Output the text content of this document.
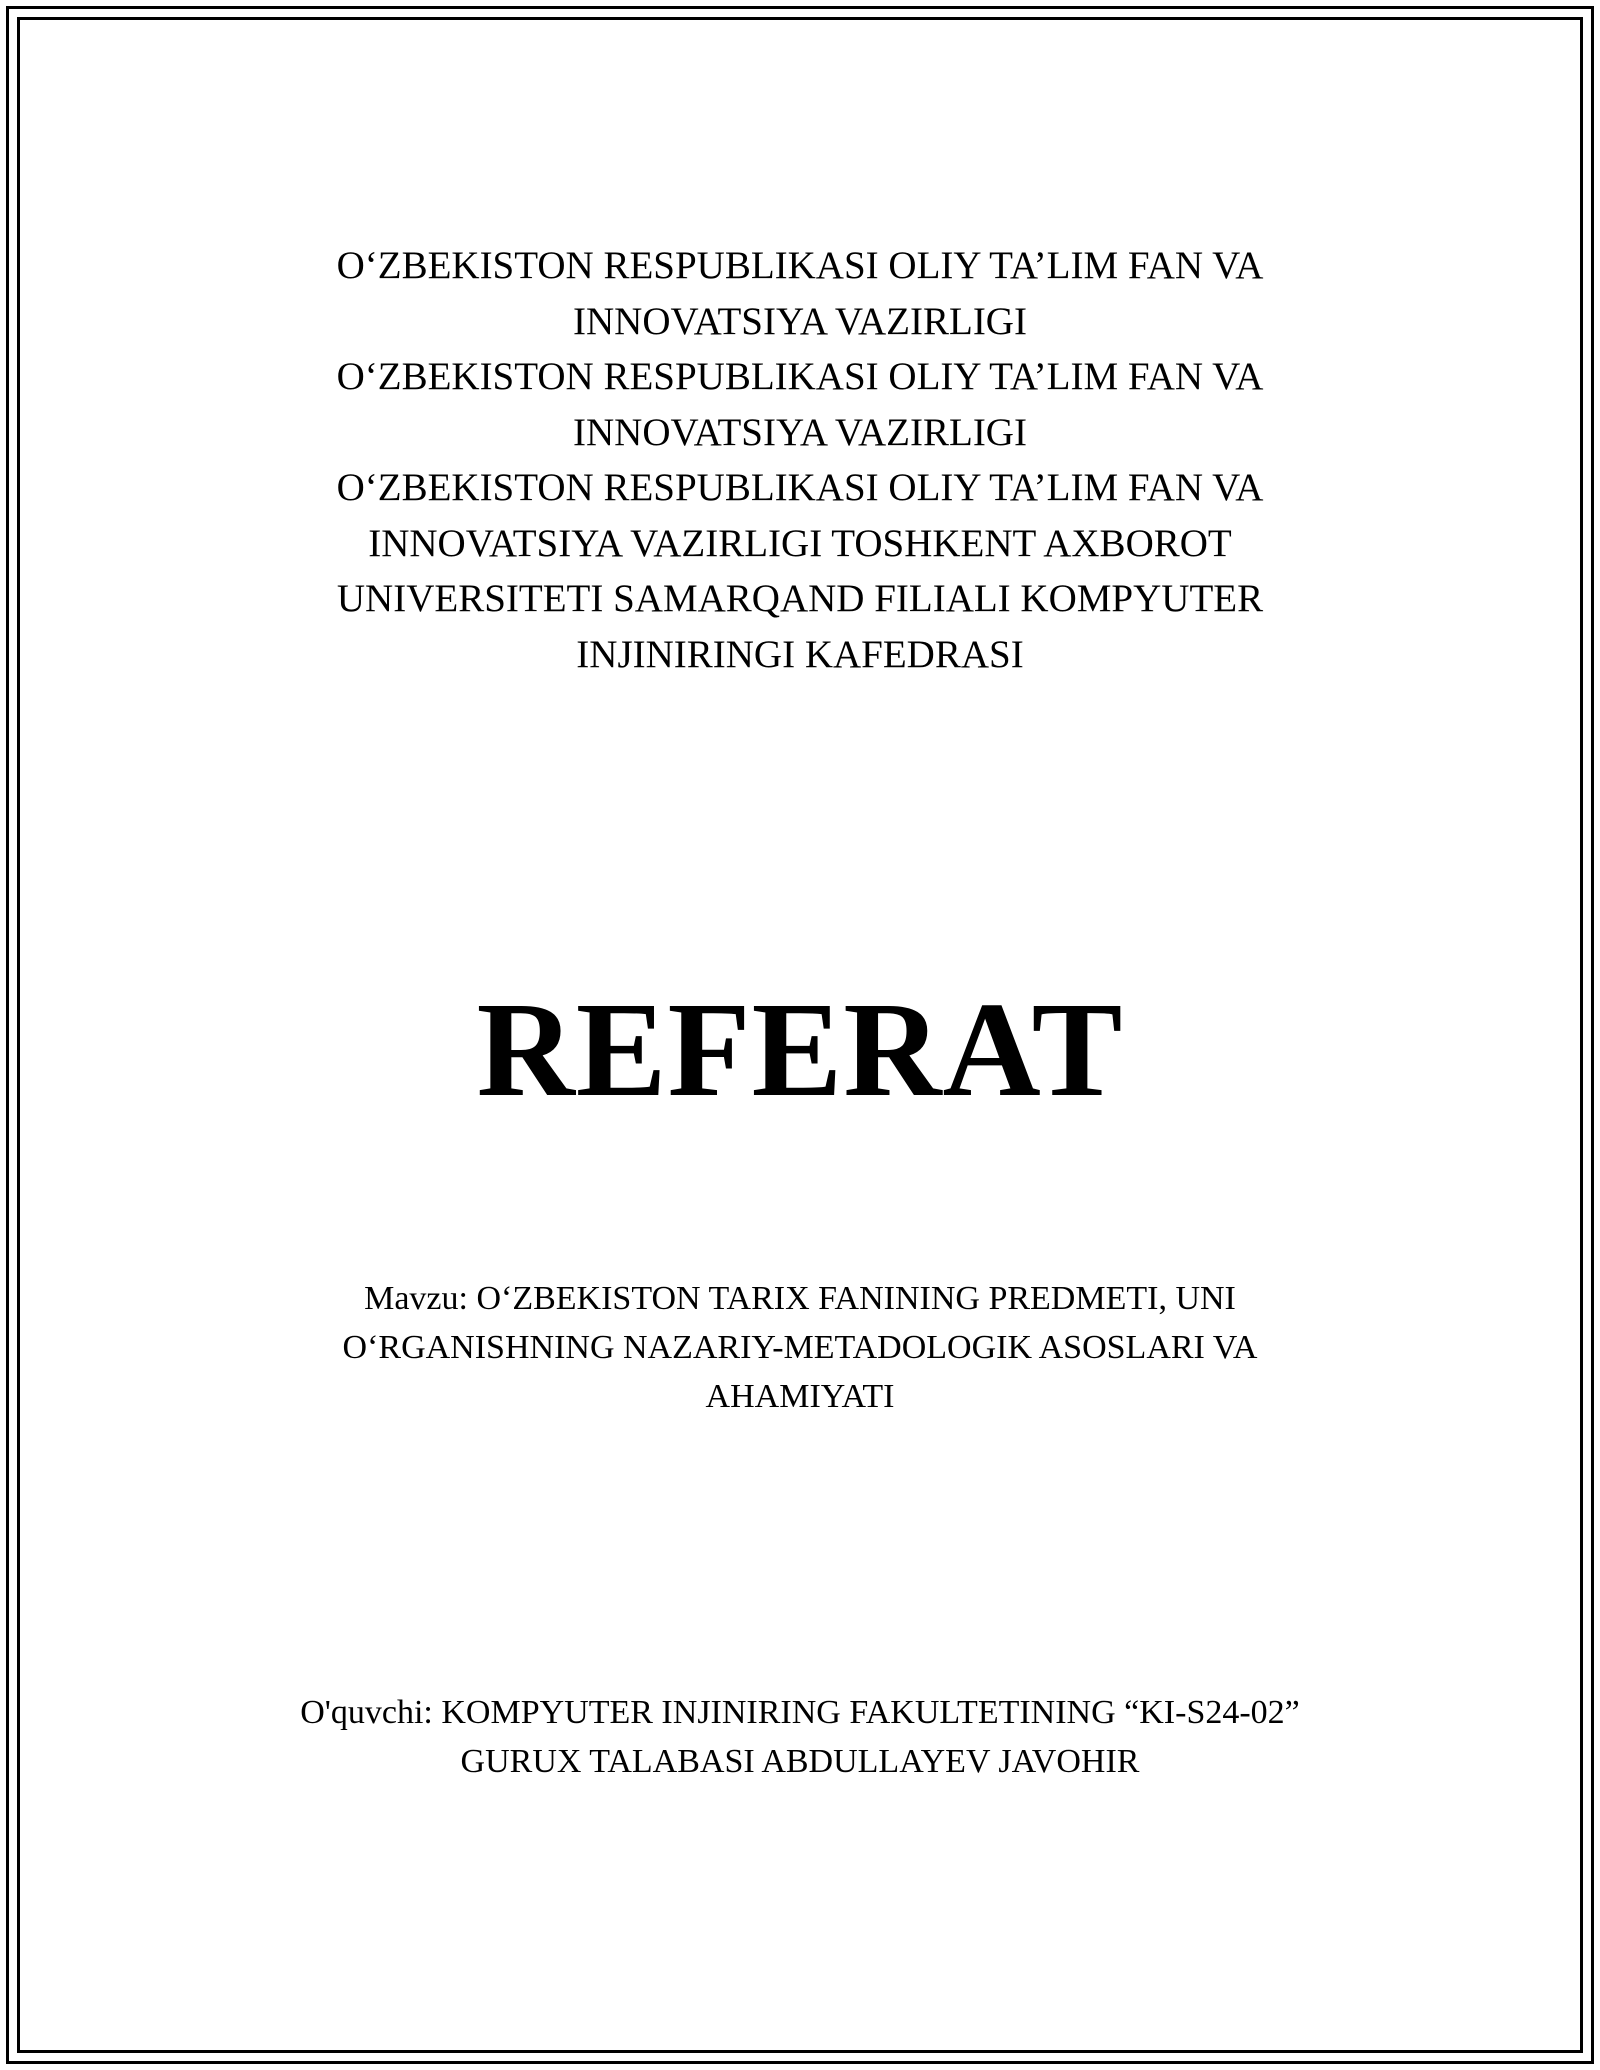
O‘ZBEKISTON RESPUBLIKASI OLIY TA’LIM FAN VA
INNOVATSIYA VAZIRLIGI
O‘ZBEKISTON RESPUBLIKASI OLIY TA’LIM FAN VA
INNOVATSIYA VAZIRLIGI
O‘ZBEKISTON RESPUBLIKASI OLIY TA’LIM FAN VA
INNOVATSIYA VAZIRLIGI TOSHKENT AXBOROT
UNIVERSITETI SAMARQAND FILIALI KOMPYUTER
INJINIRINGI KAFEDRASI
REFERAT
Mavzu: O‘ZBEKISTON TARIX FANINING PREDMETI, UNI
O‘RGANISHNING NAZARIY-METADOLOGIK ASOSLARI VA
AHAMIYATI
O'quvchi: KOMPYUTER INJINIRING FAKULTETINING “KI-S24-02”
GURUX TALABASI ABDULLAYEV JAVOHIR
